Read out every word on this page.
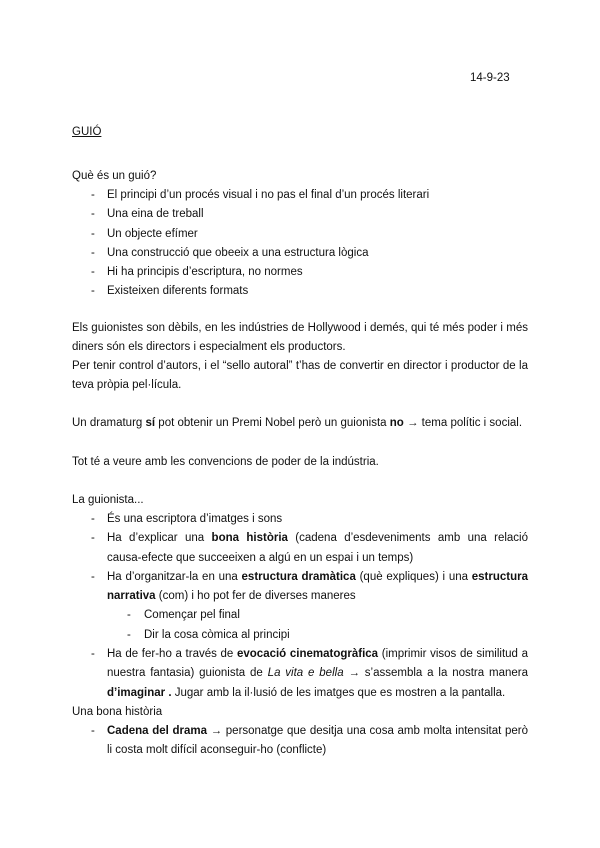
14-9-23
GUIÓ
Què és un guió?
- El principi d’un procés visual i no pas el final d’un procés literari
- Una eina de treball
- Un objecte efímer
- Una construcció que obeeix a una estructura lògica
- Hi ha principis d’escriptura, no normes
- Existeixen diferents formats
Els guionistes son dèbils, en les indústries de Hollywood i demés, qui té més poder i més diners són els directors i especialment els productors.
Per tenir control d’autors, i el “sello autoral” t’has de convertir en director i productor de la teva pròpia pel·lícula.
Un dramaturg sí pot obtenir un Premi Nobel però un guionista no → tema polític i social.
Tot té a veure amb les convencions de poder de la indústria.
La guionista...
- És una escriptora d’imatges i sons
- Ha d’explicar una bona història (cadena d’esdeveniments amb una relació causa-efecte que succeeixen a algú en un espai i un temps)
- Ha d’organitzar-la en una estructura dramàtica (què expliques) i una estructura narrativa (com) i ho pot fer de diverses maneres
- Començar pel final
- Dir la cosa còmica al principi
- Ha de fer-ho a través de evocació cinematogràfica (imprimir visos de similitud a nuestra fantasia) guionista de La vita e bella → s’assembla a la nostra manera d’imaginar . Jugar amb la il·lusió de les imatges que es mostren a la pantalla.
Una bona història
- Cadena del drama → personatge que desitja una cosa amb molta intensitat però li costa molt difícil aconseguir-ho (conflicte)
